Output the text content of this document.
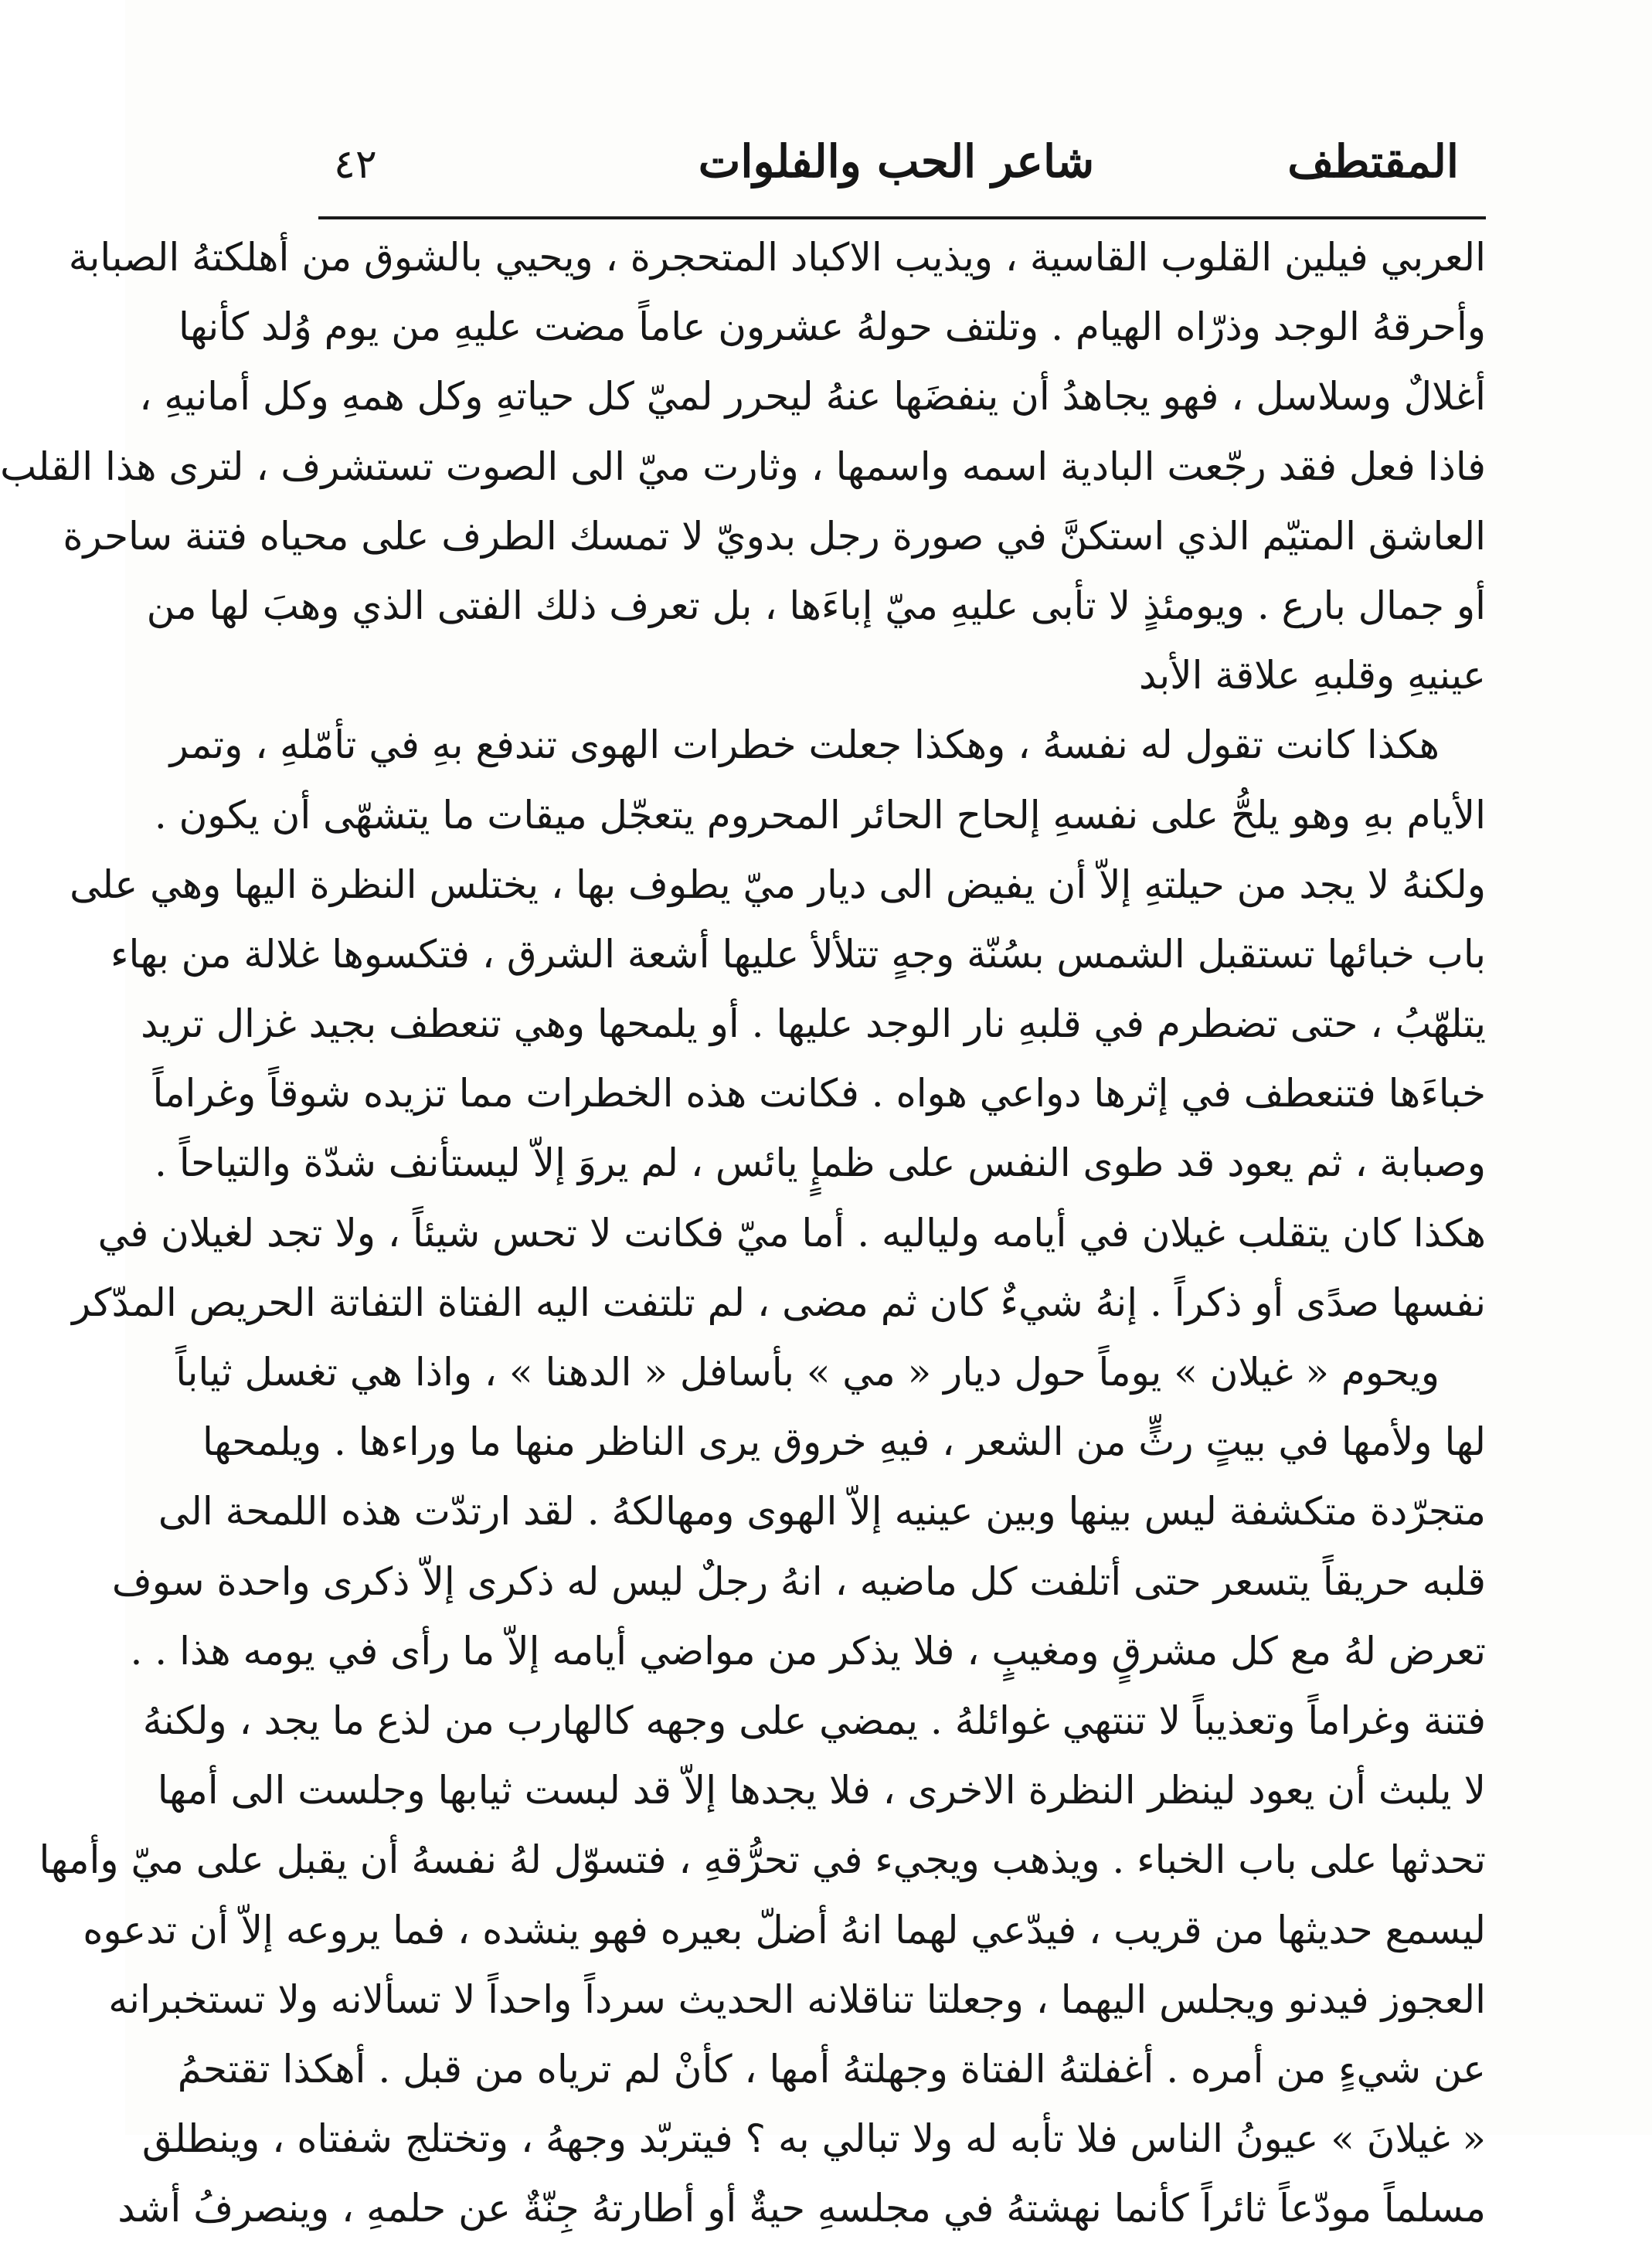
٤٢	شاعر الحب والفلوات	المقتطف
العربي فيلين القلوب القاسية ، ويذيب الاكباد المتحجرة ، ويحيي بالشوق من أهلكتهُ الصبابة
وأحرقهُ الوجد وذرّاه الهيام . وتلتف حولهُ عشرون عاماً مضت عليهِ من يوم وُلد كأنها
أغلالٌ وسلاسل ، فهو يجاهدُ أن ينفضَها عنهُ ليحرر لميّ كل حياتهِ وكل همهِ وكل أمانيهِ ،
فاذا فعل فقد رجّعت البادية اسمه واسمها ، وثارت ميّ الى الصوت تستشرف ، لترى هذا القلب
العاشق المتيّم الذي استكنَّ في صورة رجل بدويّ لا تمسك الطرف على محياه فتنة ساحرة
أو جمال بارع . ويومئذٍ لا تأبى عليهِ ميّ إباءَها ، بل تعرف ذلك الفتى الذي وهبَ لها من
عينيهِ وقلبهِ علاقة الأبد
هكذا كانت تقول له نفسهُ ، وهكذا جعلت خطرات الهوى تندفع بهِ في تأمّلهِ ، وتمر
الأيام بهِ وهو يلحُّ على نفسهِ إلحاح الحائر المحروم يتعجّل ميقات ما يتشهّى أن يكون .
ولكنهُ لا يجد من حيلتهِ إلاّ أن يفيض الى ديار ميّ يطوف بها ، يختلس النظرة اليها وهي على
باب خبائها تستقبل الشمس بسُنّة وجهٍ تتلألأ عليها أشعة الشرق ، فتكسوها غلالة من بهاء
يتلهّبُ ، حتى تضطرم في قلبهِ نار الوجد عليها . أو يلمحها وهي تنعطف بجيد غزال تريد
خباءَها فتنعطف في إثرها دواعي هواه . فكانت هذه الخطرات مما تزيده شوقاً وغراماً
وصبابة ، ثم يعود قد طوى النفس على ظمإٍ يائس ، لم يروَ إلاّ ليستأنف شدّة والتياحاً .
هكذا كان يتقلب غيلان في أيامه ولياليه . أما ميّ فكانت لا تحس شيئاً ، ولا تجد لغيلان في
نفسها صدًى أو ذكراً . إنهُ شيءٌ كان ثم مضى ، لم تلتفت اليه الفتاة التفاتة الحريص المدّكر
ويحوم « غيلان » يوماً حول ديار « مي » بأسافل « الدهنا » ، واذا هي تغسل ثياباً
لها ولأمها في بيتٍ رثٍّ من الشعر ، فيهِ خروق يرى الناظر منها ما وراءها . ويلمحها
متجرّدة متكشفة ليس بينها وبين عينيه إلاّ الهوى ومهالكهُ . لقد ارتدّت هذه اللمحة الى
قلبه حريقاً يتسعر حتى أتلفت كل ماضيه ، انهُ رجلٌ ليس له ذكرى إلاّ ذكرى واحدة سوف
تعرض لهُ مع كل مشرقٍ ومغيبٍ ، فلا يذكر من مواضي أيامه إلاّ ما رأى في يومه هذا . .
فتنة وغراماً وتعذيباً لا تنتهي غوائلهُ . يمضي على وجهه كالهارب من لذع ما يجد ، ولكنهُ
لا يلبث أن يعود لينظر النظرة الاخرى ، فلا يجدها إلاّ قد لبست ثيابها وجلست الى أمها
تحدثها على باب الخباء . ويذهب ويجيء في تحرُّقهِ ، فتسوّل لهُ نفسهُ أن يقبل على ميّ وأمها
ليسمع حديثها من قريب ، فيدّعي لهما انهُ أضلّ بعيره فهو ينشده ، فما يروعه إلاّ أن تدعوه
العجوز فيدنو ويجلس اليهما ، وجعلتا تناقلانه الحديث سرداً واحداً لا تسألانه ولا تستخبرانه
عن شيءٍ من أمره . أغفلتهُ الفتاة وجهلتهُ أمها ، كأنْ لم ترياه من قبل . أهكذا تقتحمُ
« غيلانَ » عيونُ الناس فلا تأبه له ولا تبالي به ؟ فيتربّد وجههُ ، وتختلج شفتاه ، وينطلق
مسلماً مودّعاً ثائراً كأنما نهشتهُ في مجلسهِ حيةٌ أو أطارتهُ جِنّةٌ عن حلمهِ ، وينصرفُ أشد
